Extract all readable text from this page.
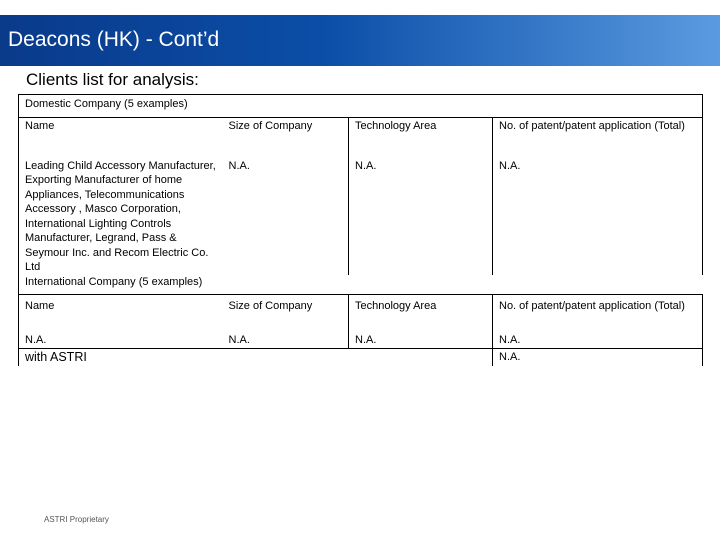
Deacons (HK) - Cont’d
Clients list for analysis:
Domestic Company (5 examples)			
Name	Size of Company	Technology Area	No. of patent/patent application (Total)
Leading Child Accessory Manufacturer, Exporting Manufacturer of home Appliances, Telecommunications Accessory , Masco Corporation, International Lighting Controls Manufacturer, Legrand, Pass & Seymour Inc. and Recom Electric Co. Ltd	N.A.	N.A.	N.A.
International Company (5 examples)			
Name	Size of Company	Technology Area	No. of patent/patent application (Total)
N.A.	N.A.	N.A.	N.A.
with ASTRI			N.A.
ASTRI Proprietary
